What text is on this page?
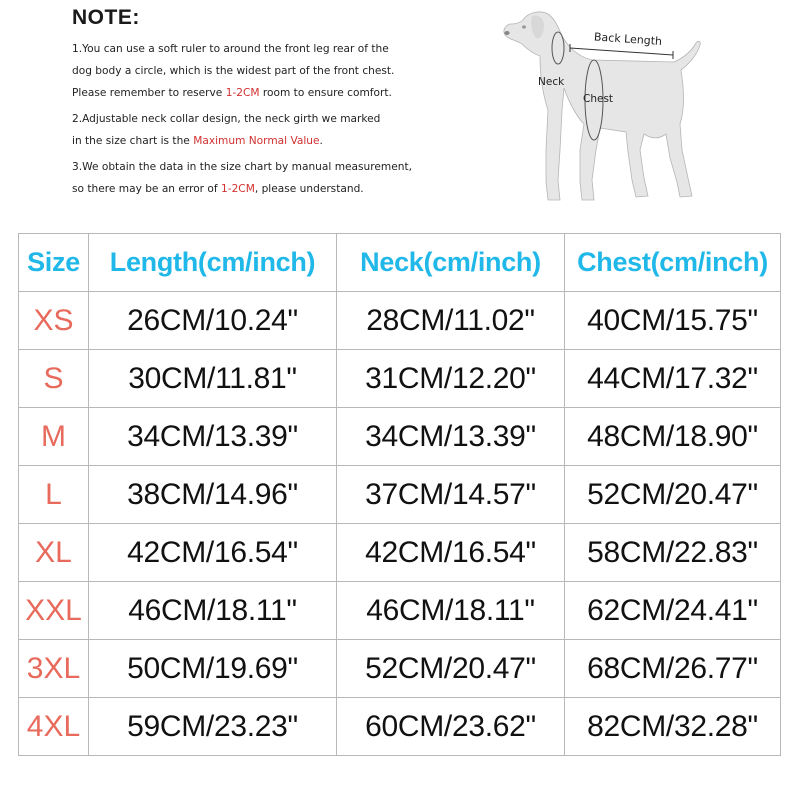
NOTE:
1.You can use a soft ruler to around the front leg rear of the
dog body a circle, which is the widest part of the front chest.
Please remember to reserve 1-2CM room to ensure comfort.
2.Adjustable neck collar design, the neck girth we marked
in the size chart is the Maximum Normal Value.
3.We obtain the data in the size chart by manual measurement,
so there may be an error of 1-2CM, please understand.
Back Length
Neck
Chest
Size	Length(cm/inch)	Neck(cm/inch)	Chest(cm/inch)
XS	26CM/10.24"	28CM/11.02"	40CM/15.75"
S	30CM/11.81"	31CM/12.20"	44CM/17.32"
M	34CM/13.39"	34CM/13.39"	48CM/18.90"
L	38CM/14.96"	37CM/14.57"	52CM/20.47"
XL	42CM/16.54"	42CM/16.54"	58CM/22.83"
XXL	46CM/18.11"	46CM/18.11"	62CM/24.41"
3XL	50CM/19.69"	52CM/20.47"	68CM/26.77"
4XL	59CM/23.23"	60CM/23.62"	82CM/32.28"
